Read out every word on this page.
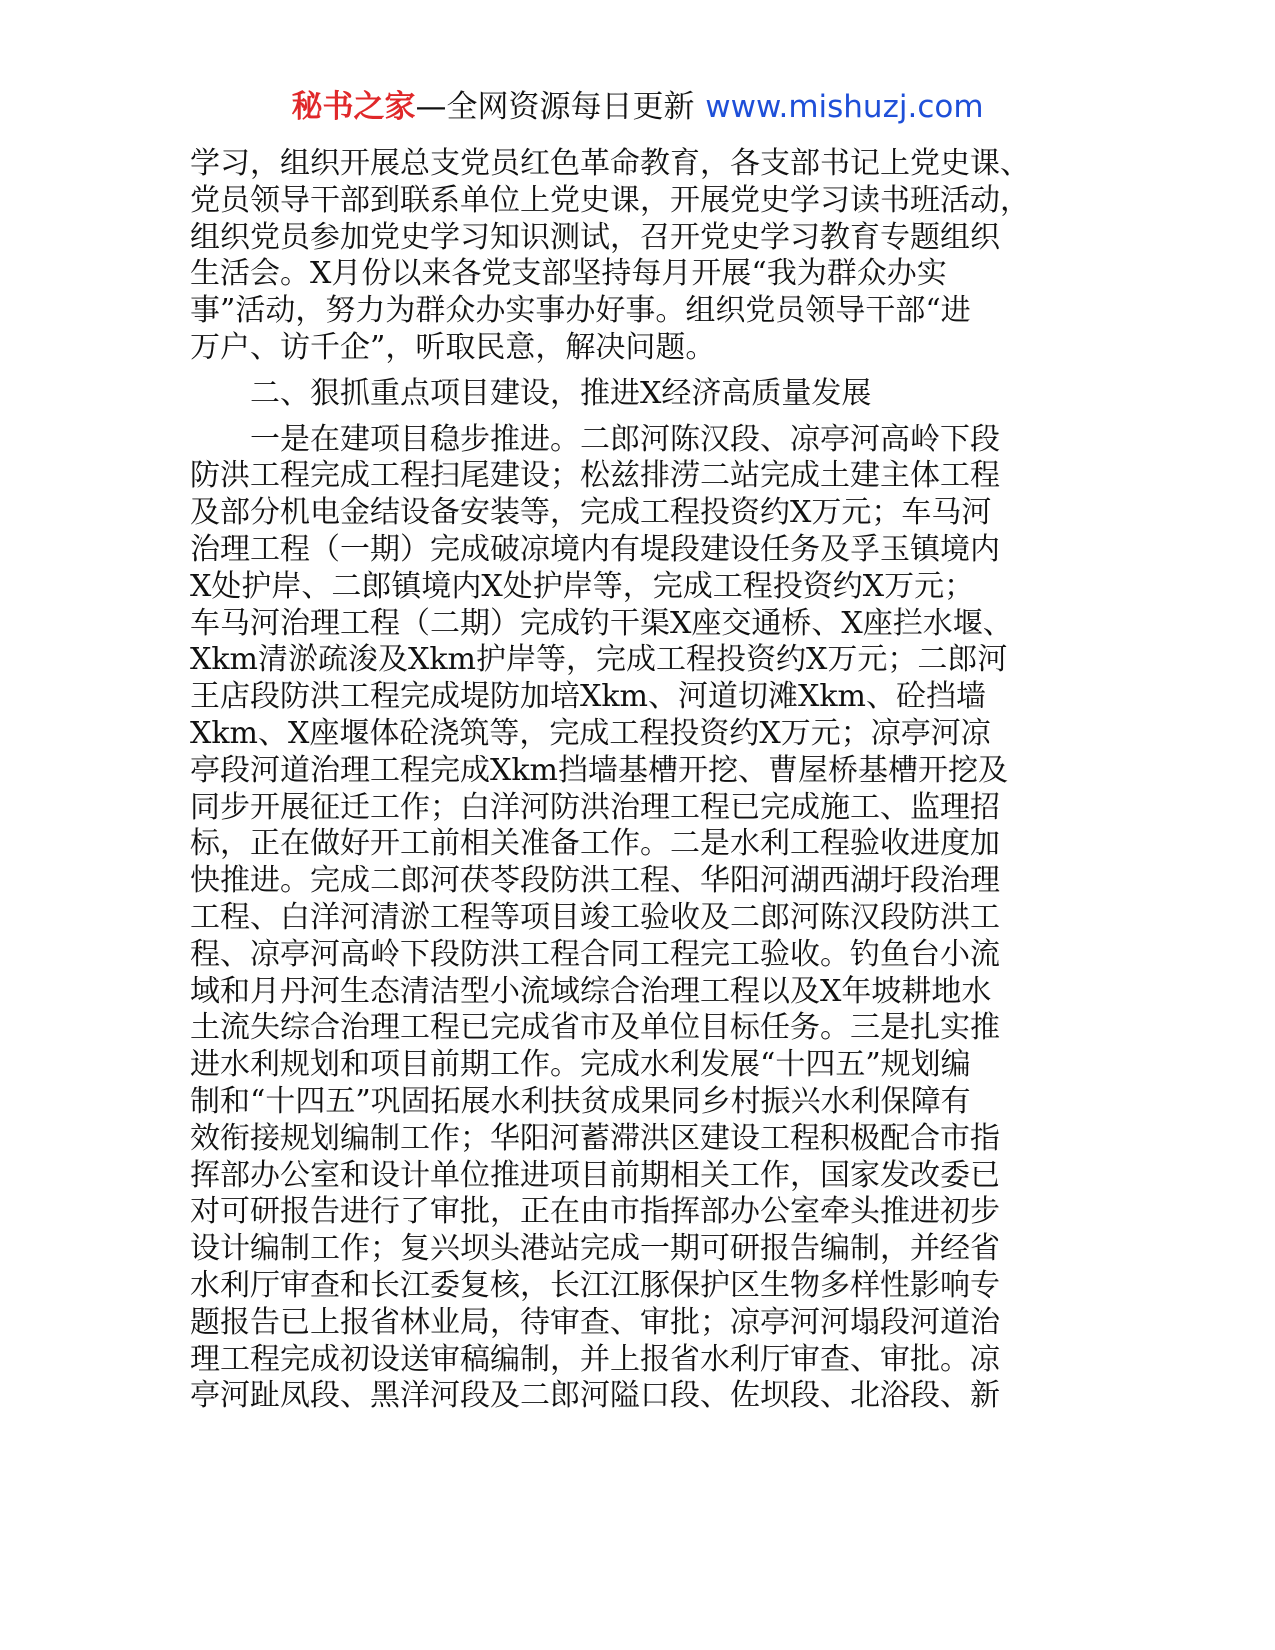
秘书之家—全网资源每日更新 www.mishuzj.com
学习，组织开展总支党员红色革命教育，各支部书记上党史课、
党员领导干部到联系单位上党史课，开展党史学习读书班活动，
组织党员参加党史学习知识测试，召开党史学习教育专题组织
生活会。X月份以来各党支部坚持每月开展“我为群众办实
事”活动，努力为群众办实事办好事。组织党员领导干部“进
万户、访千企”，听取民意，解决问题。
二、狠抓重点项目建设，推进X经济高质量发展
一是在建项目稳步推进。二郎河陈汉段、凉亭河高岭下段
防洪工程完成工程扫尾建设；松兹排涝二站完成土建主体工程
及部分机电金结设备安装等，完成工程投资约X万元；车马河
治理工程（一期）完成破凉境内有堤段建设任务及孚玉镇境内
X处护岸、二郎镇境内X处护岸等，完成工程投资约X万元；
车马河治理工程（二期）完成钓干渠X座交通桥、X座拦水堰、
Xkm清淤疏浚及Xkm护岸等，完成工程投资约X万元；二郎河
王店段防洪工程完成堤防加培Xkm、河道切滩Xkm、砼挡墙
Xkm、X座堰体砼浇筑等，完成工程投资约X万元；凉亭河凉
亭段河道治理工程完成Xkm挡墙基槽开挖、曹屋桥基槽开挖及
同步开展征迁工作；白洋河防洪治理工程已完成施工、监理招
标，正在做好开工前相关准备工作。二是水利工程验收进度加
快推进。完成二郎河茯苓段防洪工程、华阳河湖西湖圩段治理
工程、白洋河清淤工程等项目竣工验收及二郎河陈汉段防洪工
程、凉亭河高岭下段防洪工程合同工程完工验收。钓鱼台小流
域和月丹河生态清洁型小流域综合治理工程以及X年坡耕地水
土流失综合治理工程已完成省市及单位目标任务。三是扎实推
进水利规划和项目前期工作。完成水利发展“十四五”规划编
制和“十四五”巩固拓展水利扶贫成果同乡村振兴水利保障有
效衔接规划编制工作；华阳河蓄滞洪区建设工程积极配合市指
挥部办公室和设计单位推进项目前期相关工作，国家发改委已
对可研报告进行了审批，正在由市指挥部办公室牵头推进初步
设计编制工作；复兴坝头港站完成一期可研报告编制，并经省
水利厅审查和长江委复核，长江江豚保护区生物多样性影响专
题报告已上报省林业局，待审查、审批；凉亭河河塌段河道治
理工程完成初设送审稿编制，并上报省水利厅审查、审批。凉
亭河趾凤段、黑洋河段及二郎河隘口段、佐坝段、北浴段、新
